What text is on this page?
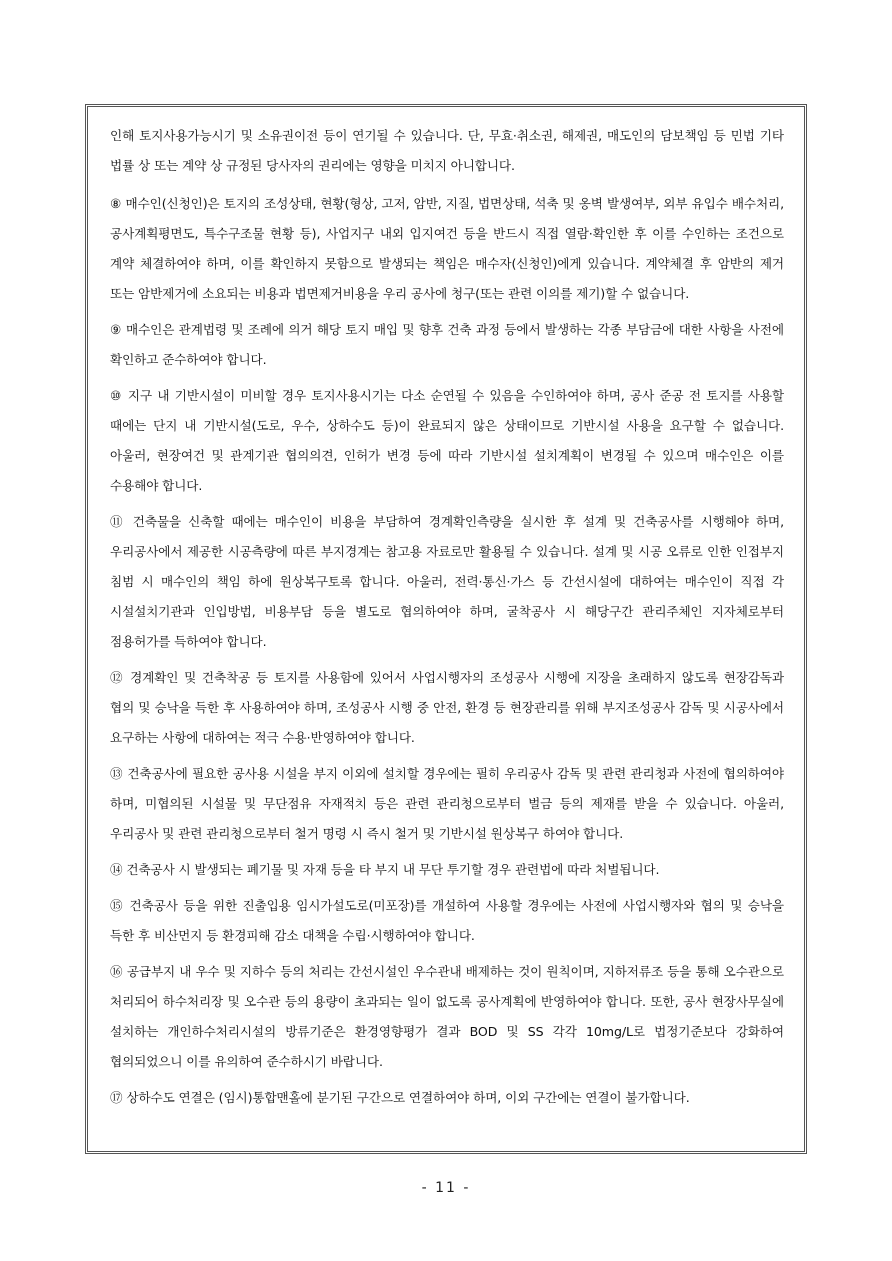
인해 토지사용가능시기 및 소유권이전 등이 연기될 수 있습니다. 단, 무효·취소권, 해제권, 매도인의 담보책임 등 민법 기타 법률 상 또는 계약 상 규정된 당사자의 권리에는 영향을 미치지 아니합니다.

⑧ 매수인(신청인)은 토지의 조성상태, 현황(형상, 고저, 암반, 지질, 법면상태, 석축 및 옹벽 발생여부, 외부 유입수 배수처리, 공사계획평면도, 특수구조물 현황 등), 사업지구 내외 입지여건 등을 반드시 직접 열람·확인한 후 이를 수인하는 조건으로 계약 체결하여야 하며, 이를 확인하지 못함으로 발생되는 책임은 매수자(신청인)에게 있습니다. 계약체결 후 암반의 제거 또는 암반제거에 소요되는 비용과 법면제거비용을 우리 공사에 청구(또는 관련 이의를 제기)할 수 없습니다.

⑨ 매수인은 관계법령 및 조례에 의거 해당 토지 매입 및 향후 건축 과정 등에서 발생하는 각종 부담금에 대한 사항을 사전에 확인하고 준수하여야 합니다.

⑩ 지구 내 기반시설이 미비할 경우 토지사용시기는 다소 순연될 수 있음을 수인하여야 하며, 공사 준공 전 토지를 사용할 때에는 단지 내 기반시설(도로, 우수, 상하수도 등)이 완료되지 않은 상태이므로 기반시설 사용을 요구할 수 없습니다. 아울러, 현장여건 및 관계기관 협의의견, 인허가 변경 등에 따라 기반시설 설치계획이 변경될 수 있으며 매수인은 이를 수용해야 합니다.

⑪ 건축물을 신축할 때에는 매수인이 비용을 부담하여 경계확인측량을 실시한 후 설계 및 건축공사를 시행해야 하며, 우리공사에서 제공한 시공측량에 따른 부지경계는 참고용 자료로만 활용될 수 있습니다. 설계 및 시공 오류로 인한 인접부지 침범 시 매수인의 책임 하에 원상복구토록 합니다. 아울러, 전력·통신·가스 등 간선시설에 대하여는 매수인이 직접 각 시설설치기관과 인입방법, 비용부담 등을 별도로 협의하여야 하며, 굴착공사 시 해당구간 관리주체인 지자체로부터 점용허가를 득하여야 합니다.

⑫ 경계확인 및 건축착공 등 토지를 사용함에 있어서 사업시행자의 조성공사 시행에 지장을 초래하지 않도록 현장감독과 협의 및 승낙을 득한 후 사용하여야 하며, 조성공사 시행 중 안전, 환경 등 현장관리를 위해 부지조성공사 감독 및 시공사에서 요구하는 사항에 대하여는 적극 수용·반영하여야 합니다.

⑬ 건축공사에 필요한 공사용 시설을 부지 이외에 설치할 경우에는 필히 우리공사 감독 및 관련 관리청과 사전에 협의하여야 하며, 미협의된 시설물 및 무단점유 자재적치 등은 관련 관리청으로부터 벌금 등의 제재를 받을 수 있습니다. 아울러, 우리공사 및 관련 관리청으로부터 철거 명령 시 즉시 철거 및 기반시설 원상복구 하여야 합니다.

⑭ 건축공사 시 발생되는 폐기물 및 자재 등을 타 부지 내 무단 투기할 경우 관련법에 따라 처벌됩니다.

⑮ 건축공사 등을 위한 진출입용 임시가설도로(미포장)를 개설하여 사용할 경우에는 사전에 사업시행자와 협의 및 승낙을 득한 후 비산먼지 등 환경피해 감소 대책을 수립·시행하여야 합니다.

⑯ 공급부지 내 우수 및 지하수 등의 처리는 간선시설인 우수관내 배제하는 것이 원칙이며, 지하저류조 등을 통해 오수관으로 처리되어 하수처리장 및 오수관 등의 용량이 초과되는 일이 없도록 공사계획에 반영하여야 합니다. 또한, 공사 현장사무실에 설치하는 개인하수처리시설의 방류기준은 환경영향평가 결과 BOD 및 SS 각각 10mg/L로 법정기준보다 강화하여 협의되었으니 이를 유의하여 준수하시기 바랍니다.

⑰ 상하수도 연결은 (임시)통합맨홀에 분기된 구간으로 연결하여야 하며, 이외 구간에는 연결이 불가합니다.

- 11 -
